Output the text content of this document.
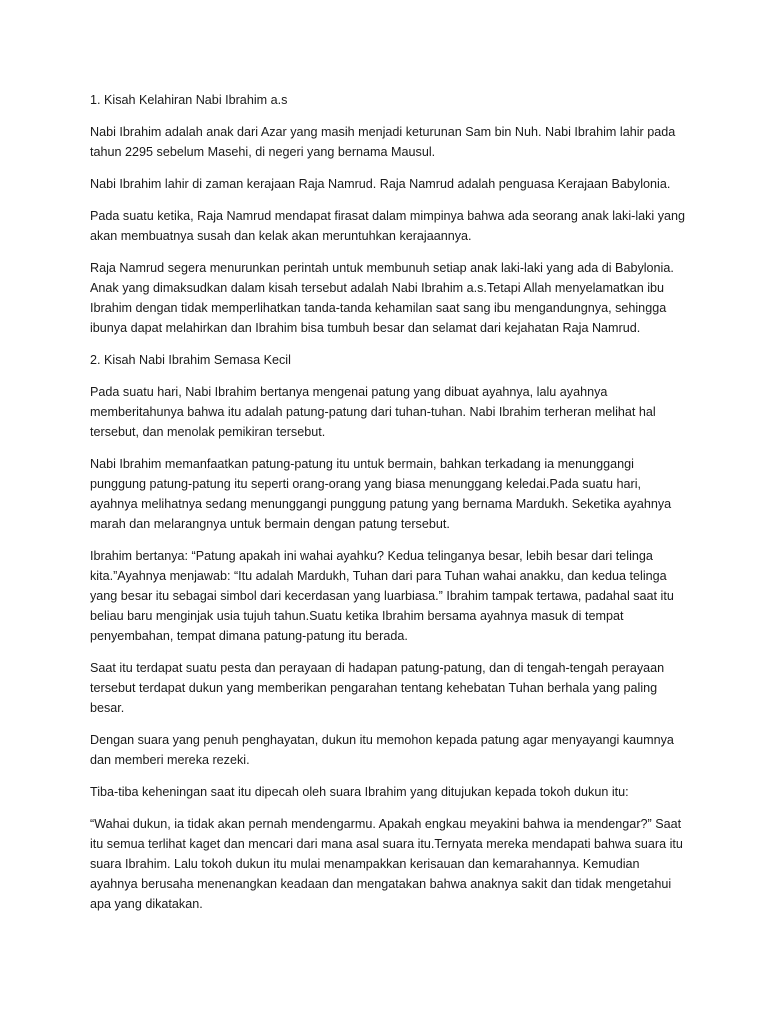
1. Kisah Kelahiran Nabi Ibrahim a.s

Nabi Ibrahim adalah anak dari Azar yang masih menjadi keturunan Sam bin Nuh. Nabi Ibrahim lahir pada tahun 2295 sebelum Masehi, di negeri yang bernama Mausul.

Nabi Ibrahim lahir di zaman kerajaan Raja Namrud. Raja Namrud adalah penguasa Kerajaan Babylonia.

Pada suatu ketika, Raja Namrud mendapat firasat dalam mimpinya bahwa ada seorang anak laki-laki yang akan membuatnya susah dan kelak akan meruntuhkan kerajaannya.

Raja Namrud segera menurunkan perintah untuk membunuh setiap anak laki-laki yang ada di Babylonia. Anak yang dimaksudkan dalam kisah tersebut adalah Nabi Ibrahim a.s.Tetapi Allah menyelamatkan ibu Ibrahim dengan tidak memperlihatkan tanda-tanda kehamilan saat sang ibu mengandungnya, sehingga ibunya dapat melahirkan dan Ibrahim bisa tumbuh besar dan selamat dari kejahatan Raja Namrud.

2. Kisah Nabi Ibrahim Semasa Kecil

Pada suatu hari, Nabi Ibrahim bertanya mengenai patung yang dibuat ayahnya, lalu ayahnya memberitahunya bahwa itu adalah patung-patung dari tuhan-tuhan. Nabi Ibrahim terheran melihat hal tersebut, dan menolak pemikiran tersebut.

Nabi Ibrahim memanfaatkan patung-patung itu untuk bermain, bahkan terkadang ia menunggangi punggung patung-patung itu seperti orang-orang yang biasa menunggang keledai.Pada suatu hari, ayahnya melihatnya sedang menunggangi punggung patung yang bernama Mardukh. Seketika ayahnya marah dan melarangnya untuk bermain dengan patung tersebut.

Ibrahim bertanya: “Patung apakah ini wahai ayahku? Kedua telinganya besar, lebih besar dari telinga kita.”Ayahnya menjawab: “Itu adalah Mardukh, Tuhan dari para Tuhan wahai anakku, dan kedua telinga yang besar itu sebagai simbol dari kecerdasan yang luarbiasa.” Ibrahim tampak tertawa, padahal saat itu beliau baru menginjak usia tujuh tahun.Suatu ketika Ibrahim bersama ayahnya masuk di tempat penyembahan, tempat dimana patung-patung itu berada.

Saat itu terdapat suatu pesta dan perayaan di hadapan patung-patung, dan di tengah-tengah perayaan tersebut terdapat dukun yang memberikan pengarahan tentang kehebatan Tuhan berhala yang paling besar.

Dengan suara yang penuh penghayatan, dukun itu memohon kepada patung agar menyayangi kaumnya dan memberi mereka rezeki.

Tiba-tiba keheningan saat itu dipecah oleh suara Ibrahim yang ditujukan kepada tokoh dukun itu:

“Wahai dukun, ia tidak akan pernah mendengarmu. Apakah engkau meyakini bahwa ia mendengar?” Saat itu semua terlihat kaget dan mencari dari mana asal suara itu.Ternyata mereka mendapati bahwa suara itu suara Ibrahim. Lalu tokoh dukun itu mulai menampakkan kerisauan dan kemarahannya. Kemudian ayahnya berusaha menenangkan keadaan dan mengatakan bahwa anaknya sakit dan tidak mengetahui apa yang dikatakan.
